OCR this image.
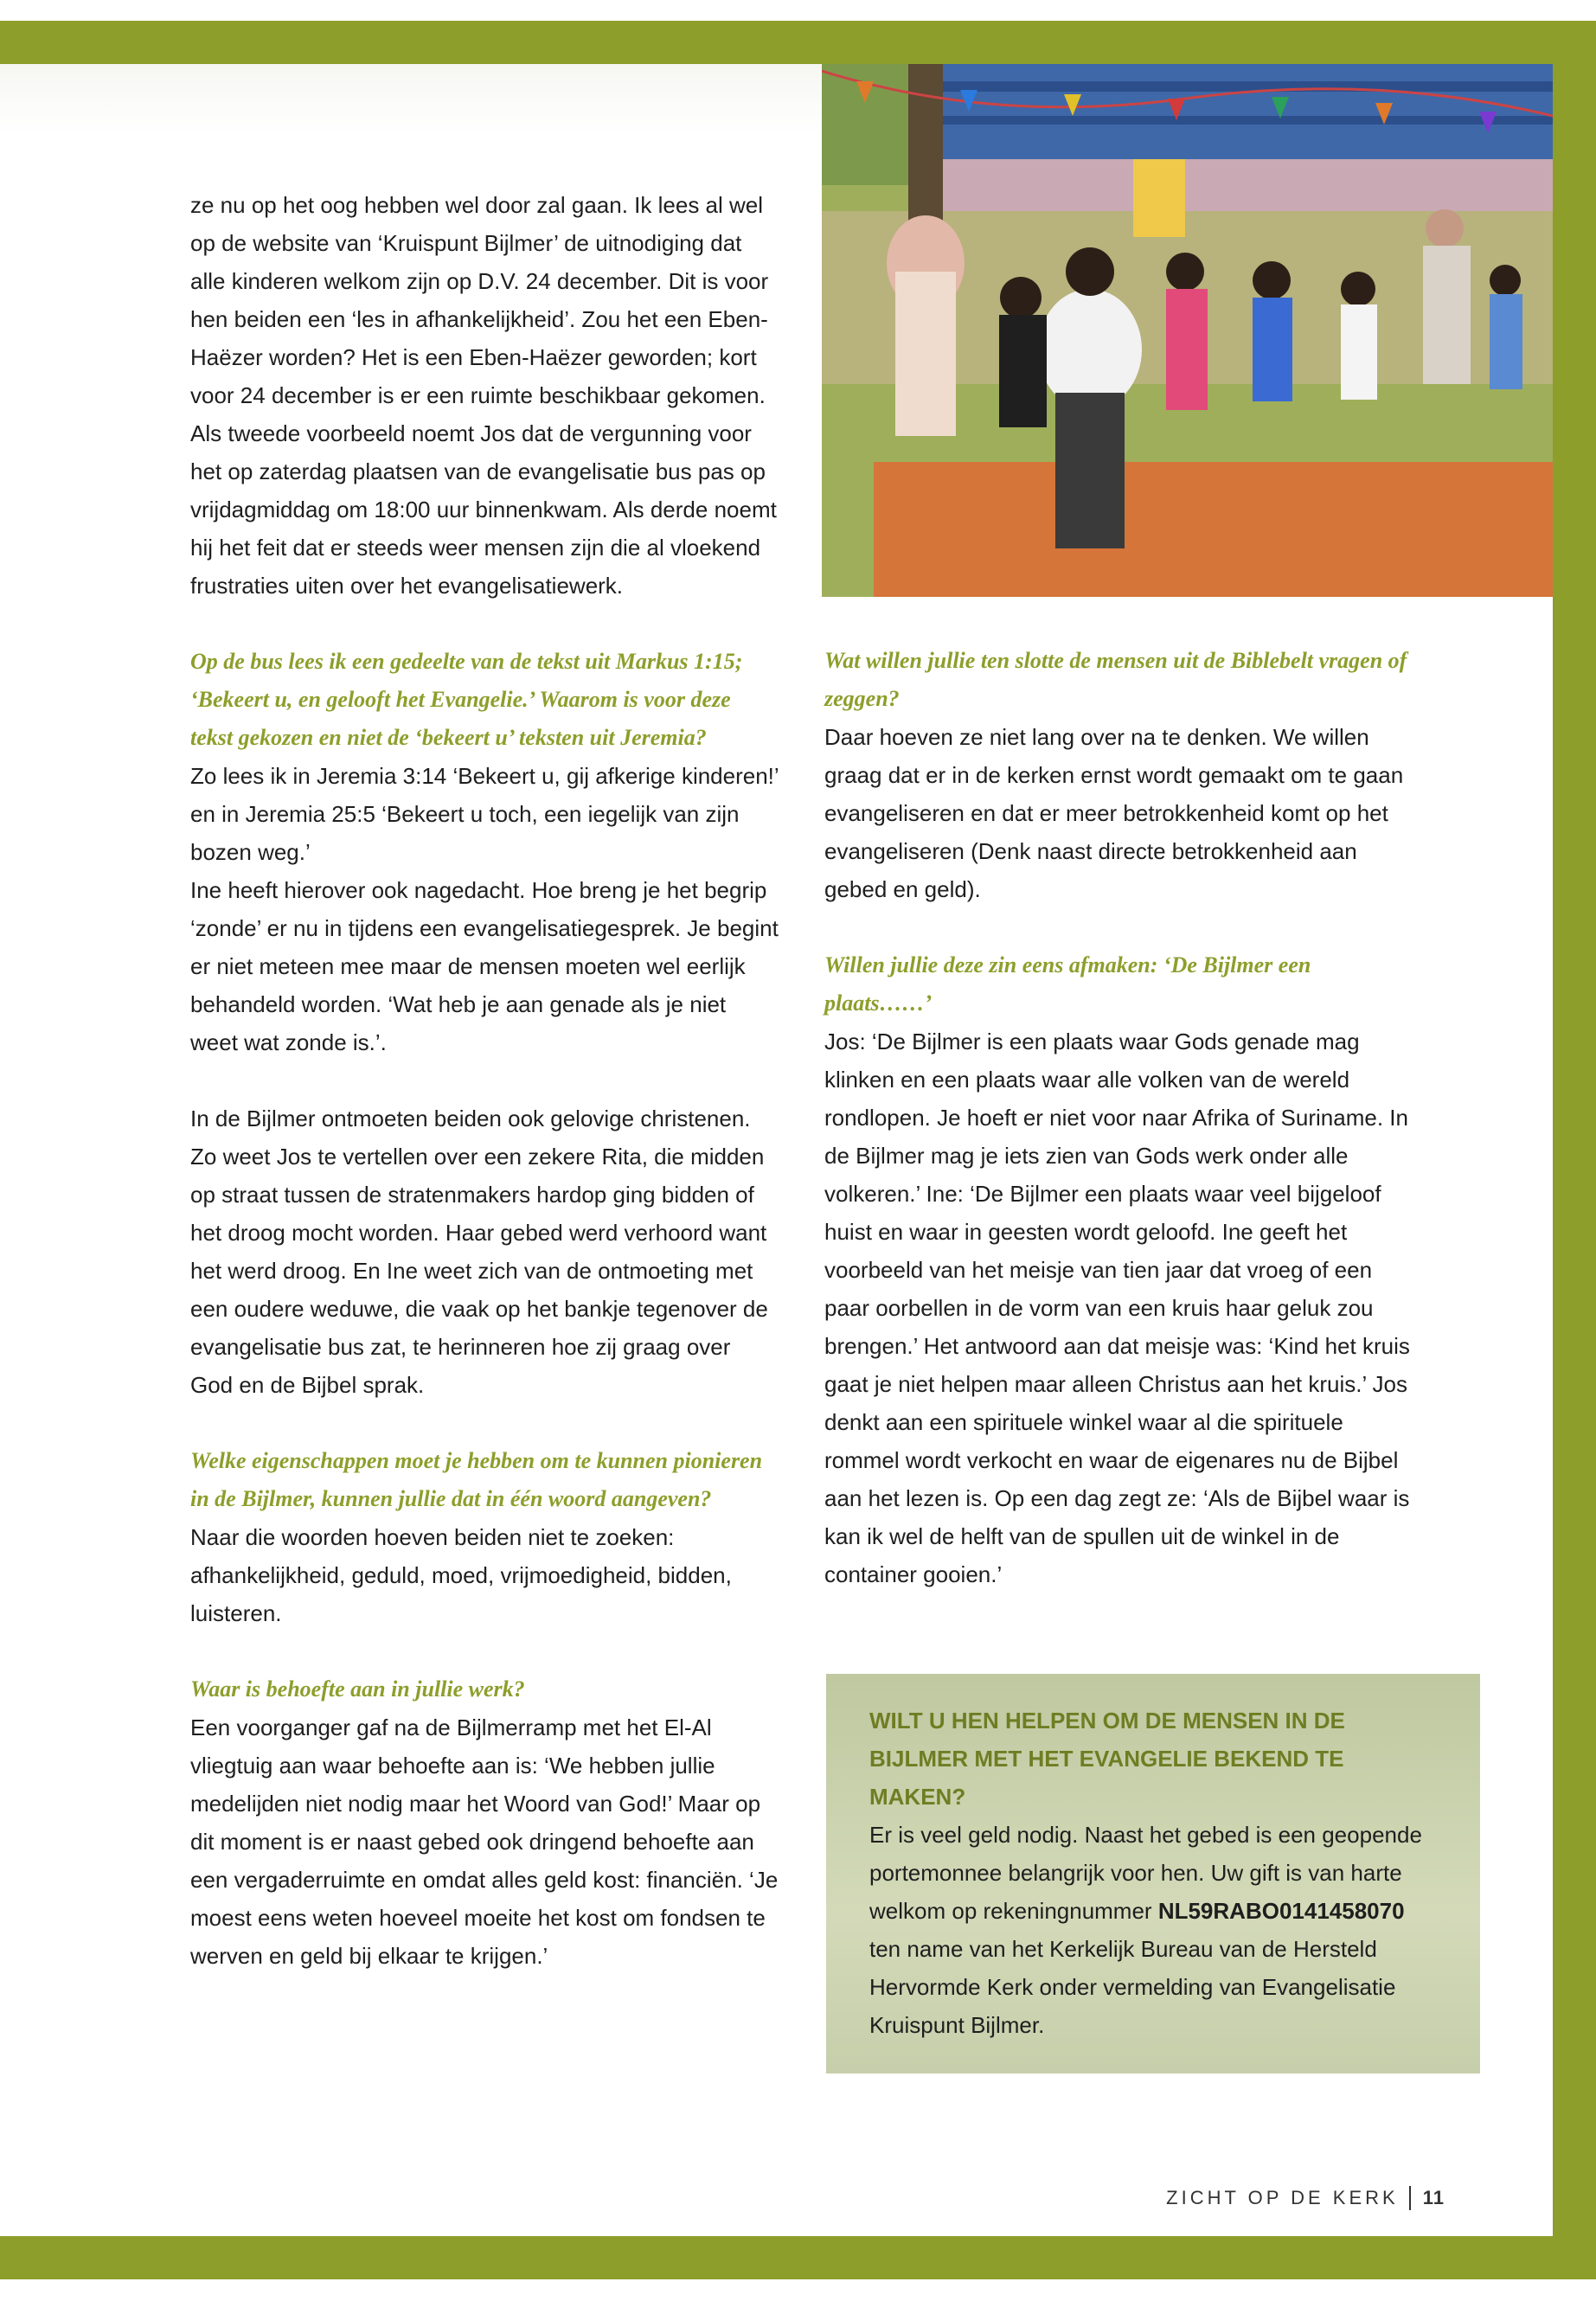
ze nu op het oog hebben wel door zal gaan. Ik lees al wel op de website van ‘Kruispunt Bijlmer’ de uitnodiging dat alle kinderen welkom zijn op D.V. 24 december. Dit is voor hen beiden een ‘les in afhankelijkheid’. Zou het een Eben-Haëzer worden? Het is een Eben-Haëzer geworden; kort voor 24 december is er een ruimte beschikbaar gekomen. Als tweede voorbeeld noemt Jos dat de vergunning voor het op zaterdag plaatsen van de evangelisatie bus pas op vrijdagmiddag om 18:00 uur binnenkwam. Als derde noemt hij het feit dat er steeds weer mensen zijn die al vloekend frustraties uiten over het evangelisatiewerk.

Op de bus lees ik een gedeelte van de tekst uit Markus 1:15; ‘Bekeert u, en gelooft het Evangelie.’ Waarom is voor deze tekst gekozen en niet de ‘bekeert u’ teksten uit Jeremia?

Zo lees ik in Jeremia 3:14 ‘Bekeert u, gij afkerige kinderen!’ en in Jeremia 25:5 ‘Bekeert u toch, een iegelijk van zijn bozen weg.’

Ine heeft hierover ook nagedacht. Hoe breng je het begrip ‘zonde’ er nu in tijdens een evangelisatiegesprek. Je begint er niet meteen mee maar de mensen moeten wel eerlijk behandeld worden. ‘Wat heb je aan genade als je niet weet wat zonde is.’.

In de Bijlmer ontmoeten beiden ook gelovige christenen. Zo weet Jos te vertellen over een zekere Rita, die midden op straat tussen de stratenmakers hardop ging bidden of het droog mocht worden. Haar gebed werd verhoord want het werd droog. En Ine weet zich van de ontmoeting met een oudere weduwe, die vaak op het bankje tegenover de evangelisatie bus zat, te herinneren hoe zij graag over God en de Bijbel sprak.

Welke eigenschappen moet je hebben om te kunnen pionieren in de Bijlmer, kunnen jullie dat in één woord aangeven?

Naar die woorden hoeven beiden niet te zoeken: afhankelijkheid, geduld, moed, vrijmoedigheid, bidden, luisteren.

Waar is behoefte aan in jullie werk?

Een voorganger gaf na de Bijlmerramp met het El-Al vliegtuig aan waar behoefte aan is: ‘We hebben jullie medelijden niet nodig maar het Woord van God!’ Maar op dit moment is er naast gebed ook dringend behoefte aan een vergaderruimte en omdat alles geld kost: financiën. ‘Je moest eens weten hoeveel moeite het kost om fondsen te werven en geld bij elkaar te krijgen.’

Wat willen jullie ten slotte de mensen uit de Biblebelt vragen of zeggen?

Daar hoeven ze niet lang over na te denken. We willen graag dat er in de kerken ernst wordt gemaakt om te gaan evangeliseren en dat er meer betrokkenheid komt op het evangeliseren (Denk naast directe betrokkenheid aan gebed en geld).

Willen jullie deze zin eens afmaken: ‘De Bijlmer een plaats……’

Jos: ‘De Bijlmer is een plaats waar Gods genade mag klinken en een plaats waar alle volken van de wereld rondlopen. Je hoeft er niet voor naar Afrika of Suriname. In de Bijlmer mag je iets zien van Gods werk onder alle volkeren.’ Ine: ‘De Bijlmer een plaats waar veel bijgeloof huist en waar in geesten wordt geloofd. Ine geeft het voorbeeld van het meisje van tien jaar dat vroeg of een paar oorbellen in de vorm van een kruis haar geluk zou brengen.’ Het antwoord aan dat meisje was: ‘Kind het kruis gaat je niet helpen maar alleen Christus aan het kruis.’ Jos denkt aan een spirituele winkel waar al die spirituele rommel wordt verkocht en waar de eigenares nu de Bijbel aan het lezen is. Op een dag zegt ze: ‘Als de Bijbel waar is kan ik wel de helft van de spullen uit de winkel in de container gooien.’

WILT U HEN HELPEN OM DE MENSEN IN DE BIJLMER MET HET EVANGELIE BEKEND TE MAKEN?

Er is veel geld nodig. Naast het gebed is een geopende portemonnee belangrijk voor hen. Uw gift is van harte welkom op rekeningnummer NL59RABO0141458070 ten name van het Kerkelijk Bureau van de Hersteld Hervormde Kerk onder vermelding van Evangelisatie Kruispunt Bijlmer.

ZICHT OP DE KERK 11
